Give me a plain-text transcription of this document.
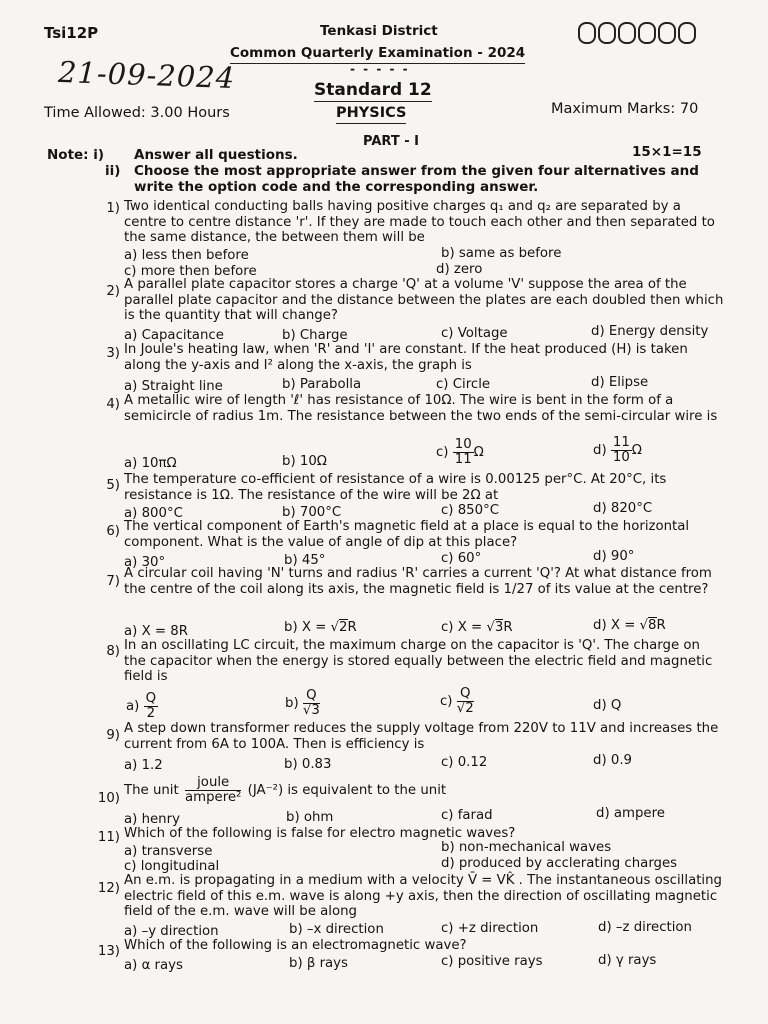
Tsi12P	Tenkasi District
Common Quarterly Examination - 2024
- - - - -
21-09-2024	Standard 12
Time Allowed: 3.00 Hours	PHYSICS	Maximum Marks: 70
PART - I
Note: i) Answer all questions.	15×1=15
ii) Choose the most appropriate answer from the given four alternatives and write the option code and the corresponding answer.
1) Two identical conducting balls having positive charges q₁ and q₂ are separated by a centre to centre distance 'r'. If they are made to touch each other and then separated to the same distance, the between them will be
a) less then before	b) same as before
c) more then before	d) zero
2) A parallel plate capacitor stores a charge 'Q' at a volume 'V' suppose the area of the parallel plate capacitor and the distance between the plates are each doubled then which is the quantity that will change?
a) Capacitance	b) Charge	c) Voltage	d) Energy density
3) In Joule's heating law, when 'R' and 'I' are constant. If the heat produced (H) is taken along the y-axis and I² along the x-axis, the graph is
a) Straight line	b) Parabolla	c) Circle	d) Elipse
4) A metallic wire of length 'ℓ' has resistance of 10Ω. The wire is bent in the form of a semicircle of radius 1m. The resistance between the two ends of the semi-circular wire is
a) 10πΩ	b) 10Ω
$c) \frac{10}{11}$ Ω	$d) \frac{11}{10}$ Ω
5) The temperature co-efficient of resistance of a wire is 0.00125 per°C. At 20°C, its resistance is 1Ω. The resistance of the wire will be 2Ω at
a) 800°C	b) 700°C	c) 850°C	d) 820°C
6) The vertical component of Earth's magnetic field at a place is equal to the horizontal component. What is the value of angle of dip at this place?
a) 30°	b) 45°	c) 60°	d) 90°
7)
A circular coil having 'N' turns and radius 'R' carries a current 'Q'? At what distance from the centre of the coil along its axis, the magnetic field is 1/27 of its value at the centre?
a) X = 8R	b) X = √2R	c) X = √3R	d) X = √8R
8) In an oscillating LC circuit, the maximum charge on the capacitor is 'Q'. The charge on the capacitor when the energy is stored equally between the electric field and magnetic field is
$a) \frac{Q}{2}$	$b) \frac{Q}{√3}$	$c) \frac{Q}{√2}$	d) Q
9) A step down transformer reduces the supply voltage from 220V to 11V and increases the current from 6A to 100A. Then is efficiency is
a) 1.2	b) 0.83	c) 0.12	d) 0.9
10)
The unit $\frac{\text{joule}}{\text{ampere²}} (JA^{-2})$ is equivalent to the unit
a) henry	b) ohm	c) farad	d) ampere
11) Which of the following is false for electro magnetic waves?
a) transverse	b) non-mechanical waves
c) longitudinal	d) produced by acclerating charges
12)
An e.m. is propagating in a medium with a velocity V̄ = VK̂ . The instantaneous oscillating electric field of this e.m. wave is along +y axis, then the direction of oscillating magnetic field of the e.m. wave will be along
a) –y direction	b) –x direction	c) +z direction	d) –z direction
13) Which of the following is an electromagnetic wave?
a) α rays	b) β rays	c) positive rays	d) γ rays
